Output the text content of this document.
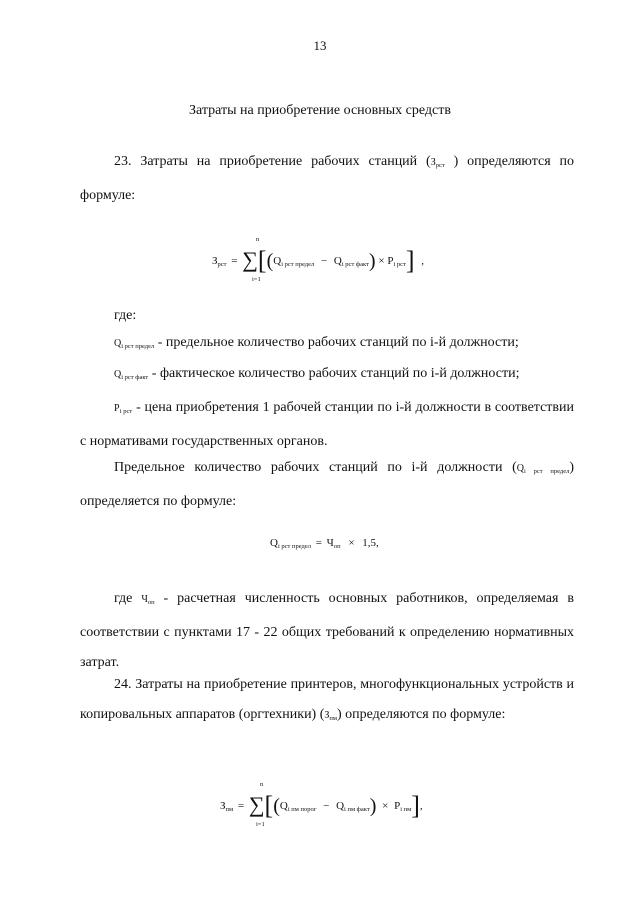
13
Затраты на приобретение основных средств
23. Затраты на приобретение рабочих станций ($З_{рст}$ ) определяются по формуле:
$З_{рст} = \sum[(Q_{i рст предел} - Q_{i рст факт}) \times P_{i рст}]$ ,
n
i=1
где:
$Q_{i рст предел}$ - предельное количество рабочих станций по i-й должности;
$Q_{i рст факт}$ - фактическое количество рабочих станций по i-й должности;
$P_{i рст}$ - цена приобретения 1 рабочей станции по i-й должности в соответствии с нормативами государственных органов.
Предельное количество рабочих станций по i-й должности $(Q_{i рст предел})$ определяется по формуле:
$Q_{i рст предел} = Ч_{оп} \times 1,5$,
где $Ч_{оп}$ - расчетная численность основных работников, определяемая в соответствии с пунктами 17 - 22 общих требований к определению нормативных затрат.
24. Затраты на приобретение принтеров, многофункциональных устройств и копировальных аппаратов (оргтехники) $(З_{пм})$ определяются по формуле:
$З_{пм} = \sum[(Q_{i пм порог} - Q_{i пм факт}) \times P_{i пм}]$,
n
i=1
